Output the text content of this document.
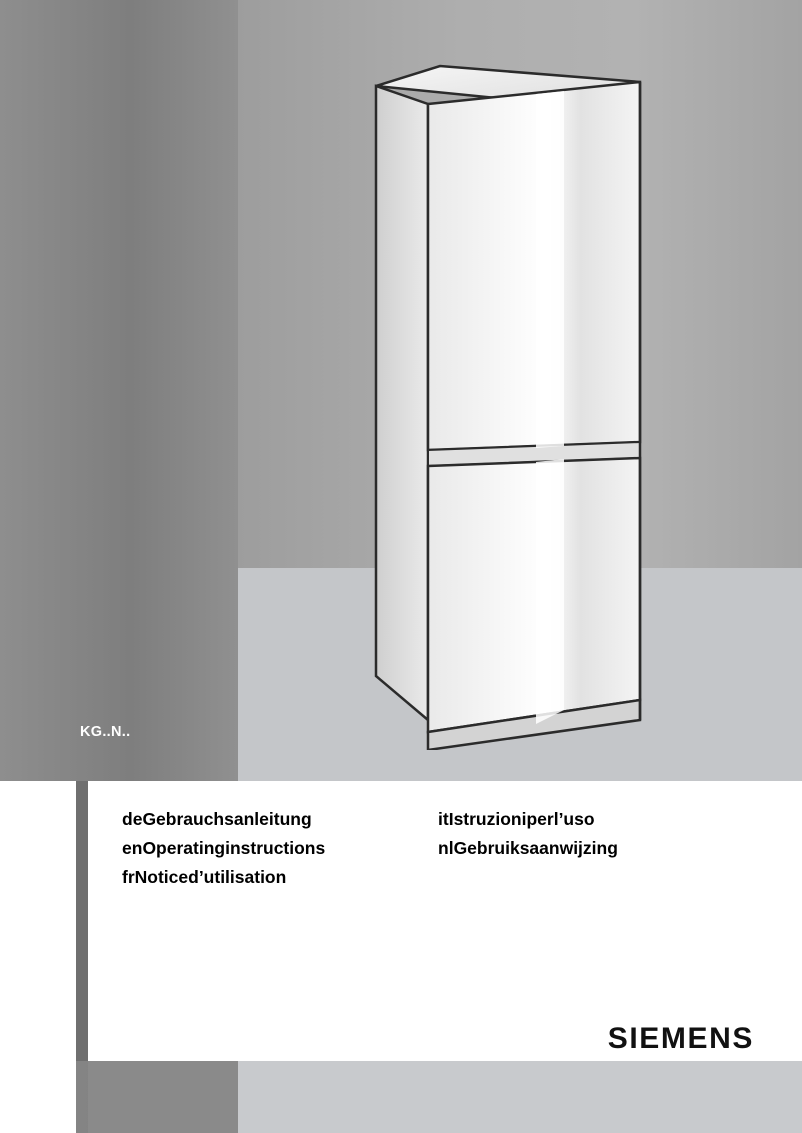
KG..N..
deGebrauchsanleitung
enOperatinginstructions
frNoticed’utilisation
itIstruzioniperl’uso
nlGebruiksaanwijzing
SIEMENS
